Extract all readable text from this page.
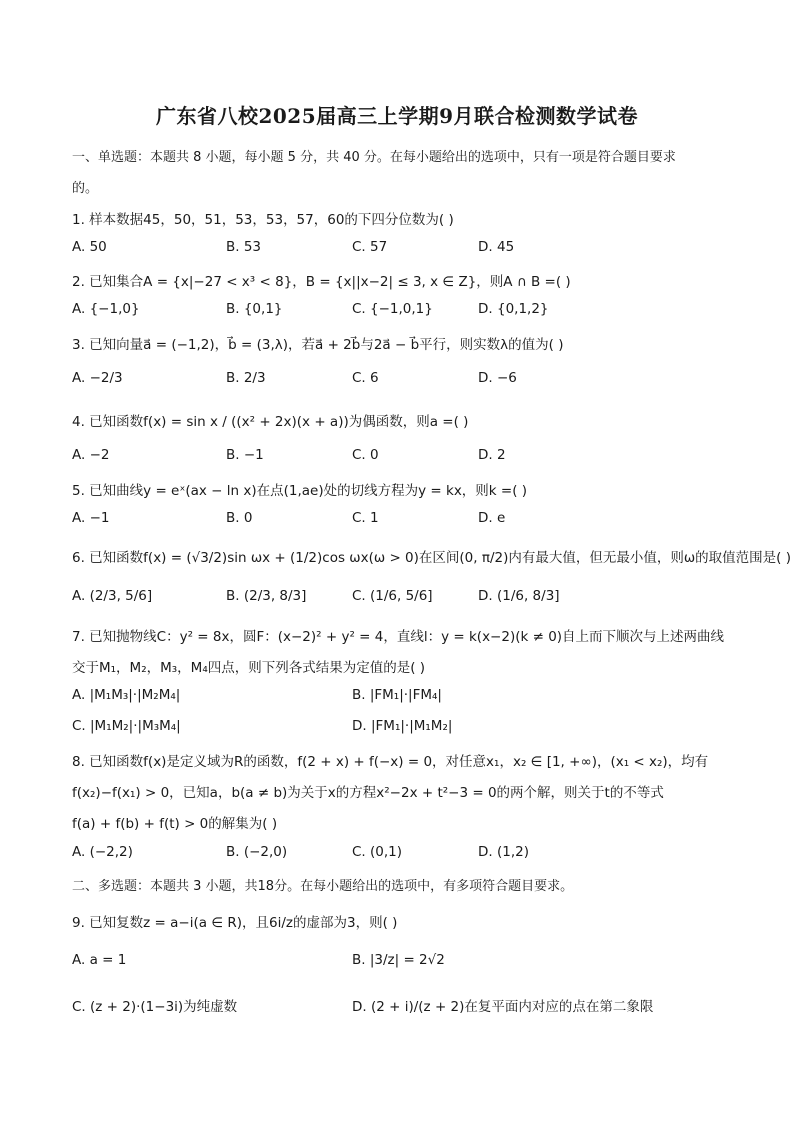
广东省八校2025届高三上学期9月联合检测数学试卷
一、单选题：本题共 8 小题，每小题 5 分，共 40 分。在每小题给出的选项中，只有一项是符合题目要求
的。
1. 样本数据45，50，51，53，53，57，60的下四分位数为( )
A. 50	B. 53	C. 57	D. 45
2. 已知集合A = {x|−27 < x³ < 8}，B = {x||x−2| ≤ 3, x ∈ Z}，则A ∩ B =( )
A. {−1,0}	B. {0,1}	C. {−1,0,1}	D. {0,1,2}
3. 已知向量a⃗ = (−1,2)，b⃗ = (3,λ)，若a⃗ + 2b⃗与2a⃗ − b⃗平行，则实数λ的值为( )
A. −2/3	B. 2/3	C. 6	D. −6
4. 已知函数f(x) = sin x / ((x² + 2x)(x + a))为偶函数，则a =( )
A. −2	B. −1	C. 0	D. 2
5. 已知曲线y = eˣ(ax − ln x)在点(1,ae)处的切线方程为y = kx，则k =( )
A. −1	B. 0	C. 1	D. e
6. 已知函数f(x) = (√3/2)sin ωx + (1/2)cos ωx(ω > 0)在区间(0, π/2)内有最大值，但无最小值，则ω的取值范围是( )
A. (2/3, 5/6]	B. (2/3, 8/3]	C. (1/6, 5/6]	D. (1/6, 8/3]
7. 已知抛物线C：y² = 8x，圆F：(x−2)² + y² = 4，直线l：y = k(x−2)(k ≠ 0)自上而下顺次与上述两曲线
交于M₁，M₂，M₃，M₄四点，则下列各式结果为定值的是( )
A. |M₁M₃|·|M₂M₄|	B. |FM₁|·|FM₄|
C. |M₁M₂|·|M₃M₄|	D. |FM₁|·|M₁M₂|
8. 已知函数f(x)是定义域为R的函数，f(2 + x) + f(−x) = 0，对任意x₁，x₂ ∈ [1, +∞)，(x₁ < x₂)，均有
f(x₂)−f(x₁) > 0，已知a，b(a ≠ b)为关于x的方程x²−2x + t²−3 = 0的两个解，则关于t的不等式
f(a) + f(b) + f(t) > 0的解集为( )
A. (−2,2)	B. (−2,0)	C. (0,1)	D. (1,2)
二、多选题：本题共 3 小题，共18分。在每小题给出的选项中，有多项符合题目要求。
9. 已知复数z = a−i(a ∈ R)，且6i/z的虚部为3，则( )
A. a = 1	B. |3/z| = 2√2
C. (z + 2)·(1−3i)为纯虚数	D. (2 + i)/(z + 2)在复平面内对应的点在第二象限
